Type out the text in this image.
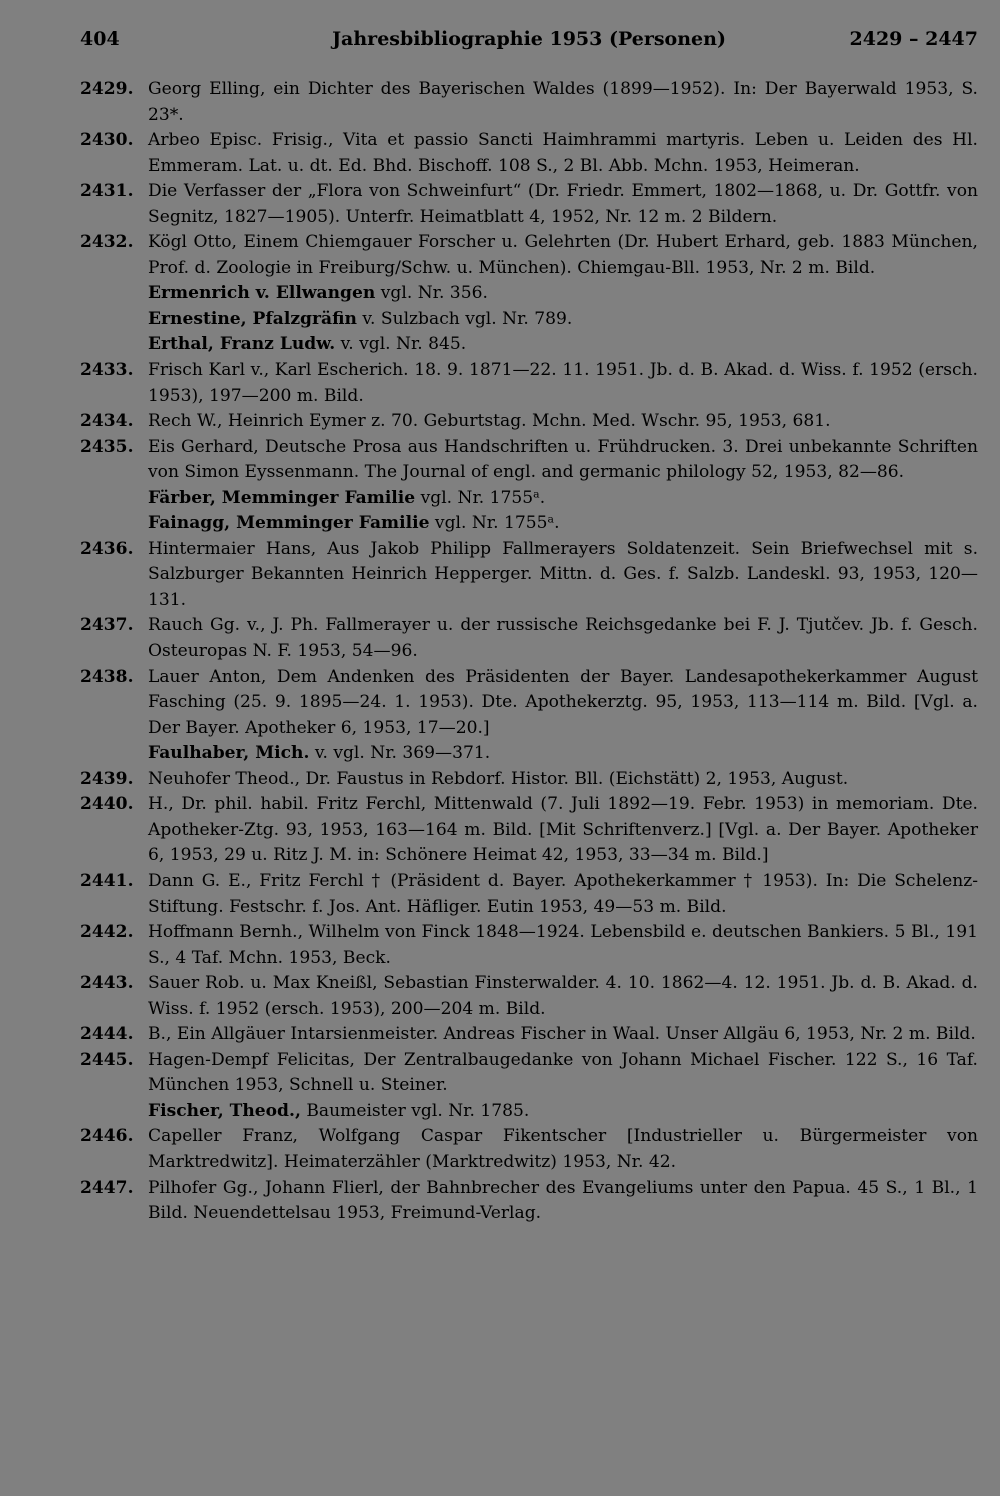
404	Jahresbibliographie 1953 (Personen)	2429 – 2447
2429. Georg Elling, ein Dichter des Bayerischen Waldes (1899—1952). In: Der Bayerwald 1953, S. 23*.
2430. Arbeo Episc. Frisig., Vita et passio Sancti Haimhrammi martyris. Leben u. Leiden des Hl. Emmeram. Lat. u. dt. Ed. Bhd. Bischoff. 108 S., 2 Bl. Abb. Mchn. 1953, Heimeran.
2431. Die Verfasser der „Flora von Schweinfurt“ (Dr. Friedr. Emmert, 1802—1868, u. Dr. Gottfr. von Segnitz, 1827—1905). Unterfr. Heimatblatt 4, 1952, Nr. 12 m. 2 Bildern.
2432. Kögl Otto, Einem Chiemgauer Forscher u. Gelehrten (Dr. Hubert Erhard, geb. 1883 München, Prof. d. Zoologie in Freiburg/Schw. u. München). Chiemgau-Bll. 1953, Nr. 2 m. Bild.
Ermenrich v. Ellwangen vgl. Nr. 356.
Ernestine, Pfalzgräfin v. Sulzbach vgl. Nr. 789.
Erthal, Franz Ludw. v. vgl. Nr. 845.
2433. Frisch Karl v., Karl Escherich. 18. 9. 1871—22. 11. 1951. Jb. d. B. Akad. d. Wiss. f. 1952 (ersch. 1953), 197—200 m. Bild.
2434. Rech W., Heinrich Eymer z. 70. Geburtstag. Mchn. Med. Wschr. 95, 1953, 681.
2435. Eis Gerhard, Deutsche Prosa aus Handschriften u. Frühdrucken. 3. Drei unbekannte Schriften von Simon Eyssenmann. The Journal of engl. and germanic philology 52, 1953, 82—86.
Färber, Memminger Familie vgl. Nr. 1755ᵃ.
Fainagg, Memminger Familie vgl. Nr. 1755ᵃ.
2436. Hintermaier Hans, Aus Jakob Philipp Fallmerayers Soldatenzeit. Sein Briefwechsel mit s. Salzburger Bekannten Heinrich Hepperger. Mittn. d. Ges. f. Salzb. Landeskl. 93, 1953, 120—131.
2437. Rauch Gg. v., J. Ph. Fallmerayer u. der russische Reichsgedanke bei F. J. Tjutčev. Jb. f. Gesch. Osteuropas N. F. 1953, 54—96.
2438. Lauer Anton, Dem Andenken des Präsidenten der Bayer. Landesapothekerkammer August Fasching (25. 9. 1895—24. 1. 1953). Dte. Apothekerztg. 95, 1953, 113—114 m. Bild. [Vgl. a. Der Bayer. Apotheker 6, 1953, 17—20.]
Faulhaber, Mich. v. vgl. Nr. 369—371.
2439. Neuhofer Theod., Dr. Faustus in Rebdorf. Histor. Bll. (Eichstätt) 2, 1953, August.
2440. H., Dr. phil. habil. Fritz Ferchl, Mittenwald (7. Juli 1892—19. Febr. 1953) in memoriam. Dte. Apotheker-Ztg. 93, 1953, 163—164 m. Bild. [Mit Schriftenverz.] [Vgl. a. Der Bayer. Apotheker 6, 1953, 29 u. Ritz J. M. in: Schönere Heimat 42, 1953, 33—34 m. Bild.]
2441. Dann G. E., Fritz Ferchl † (Präsident d. Bayer. Apothekerkammer † 1953). In: Die Schelenz-Stiftung. Festschr. f. Jos. Ant. Häfliger. Eutin 1953, 49—53 m. Bild.
2442. Hoffmann Bernh., Wilhelm von Finck 1848—1924. Lebensbild e. deutschen Bankiers. 5 Bl., 191 S., 4 Taf. Mchn. 1953, Beck.
2443. Sauer Rob. u. Max Kneißl, Sebastian Finsterwalder. 4. 10. 1862—4. 12. 1951. Jb. d. B. Akad. d. Wiss. f. 1952 (ersch. 1953), 200—204 m. Bild.
2444. B., Ein Allgäuer Intarsienmeister. Andreas Fischer in Waal. Unser Allgäu 6, 1953, Nr. 2 m. Bild.
2445. Hagen-Dempf Felicitas, Der Zentralbaugedanke von Johann Michael Fischer. 122 S., 16 Taf. München 1953, Schnell u. Steiner.
Fischer, Theod., Baumeister vgl. Nr. 1785.
2446. Capeller Franz, Wolfgang Caspar Fikentscher [Industrieller u. Bürgermeister von Marktredwitz]. Heimaterzähler (Marktredwitz) 1953, Nr. 42.
2447. Pilhofer Gg., Johann Flierl, der Bahnbrecher des Evangeliums unter den Papua. 45 S., 1 Bl., 1 Bild. Neuendettelsau 1953, Freimund-Verlag.
